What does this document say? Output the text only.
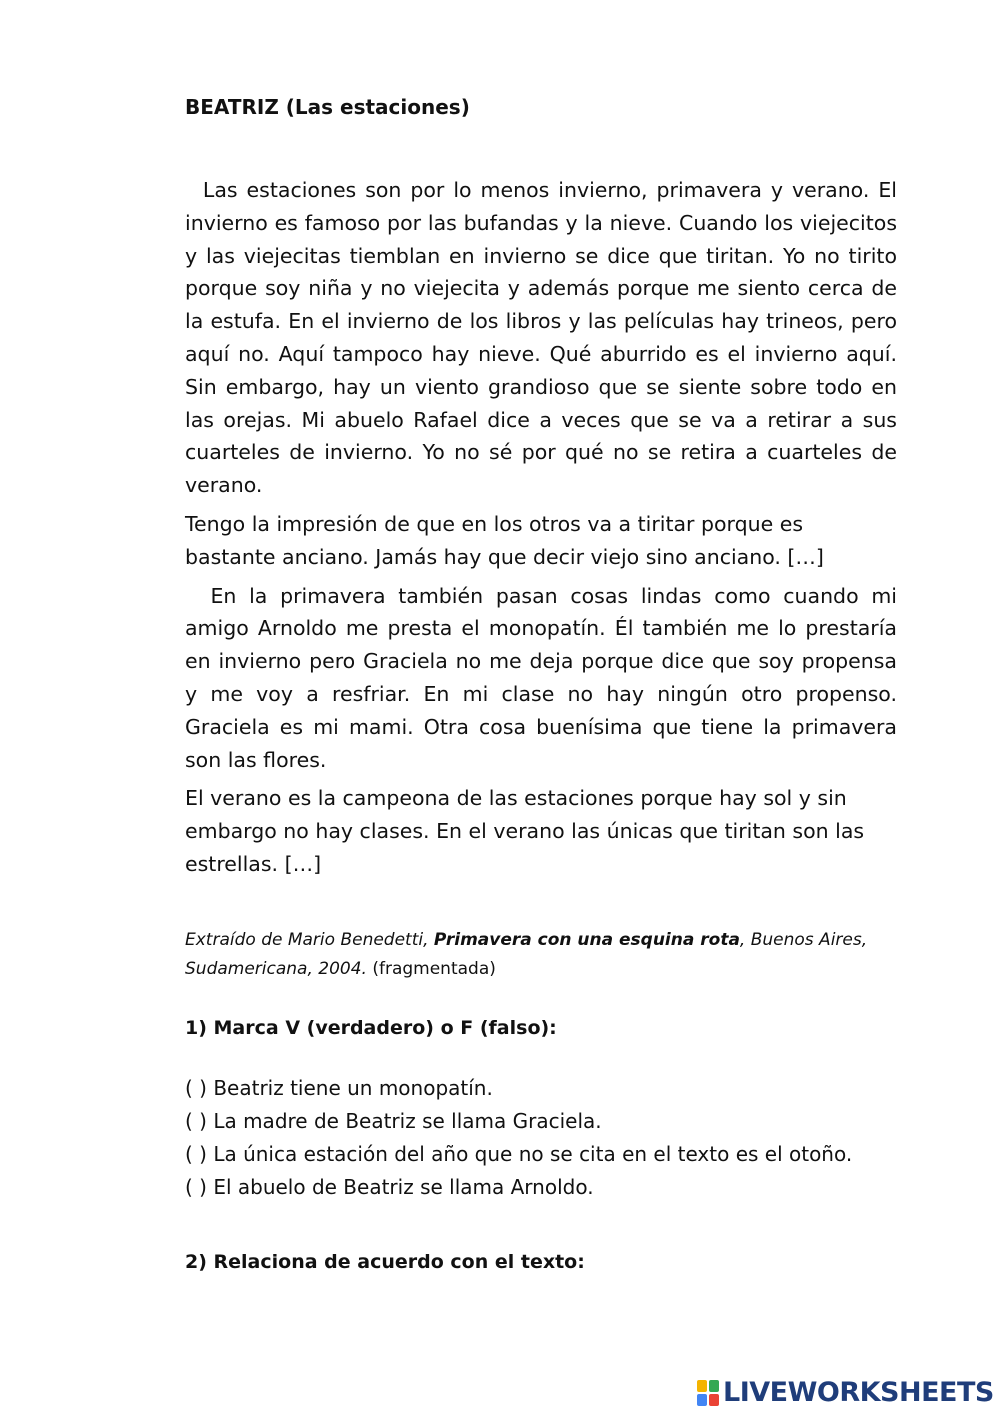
BEATRIZ (Las estaciones)

Las estaciones son por lo menos invierno, primavera y verano. El invierno es famoso por las bufandas y la nieve. Cuando los viejecitos y las viejecitas tiemblan en invierno se dice que tiritan. Yo no tirito porque soy niña y no viejecita y además porque me siento cerca de la estufa. En el invierno de los libros y las películas hay trineos, pero aquí no. Aquí tampoco hay nieve. Qué aburrido es el invierno aquí. Sin embargo, hay un viento grandioso que se siente sobre todo en las orejas. Mi abuelo Rafael dice a veces que se va a retirar a sus cuarteles de invierno. Yo no sé por qué no se retira a cuarteles de verano.

Tengo la impresión de que en los otros va a tiritar porque es bastante anciano. Jamás hay que decir viejo sino anciano. […]

En la primavera también pasan cosas lindas como cuando mi amigo Arnoldo me presta el monopatín. Él también me lo prestaría en invierno pero Graciela no me deja porque dice que soy propensa y me voy a resfriar. En mi clase no hay ningún otro propenso. Graciela es mi mami. Otra cosa buenísima que tiene la primavera son las flores.

El verano es la campeona de las estaciones porque hay sol y sin embargo no hay clases. En el verano las únicas que tiritan son las estrellas. […]

Extraído de Mario Benedetti, Primavera con una esquina rota, Buenos Aires, Sudamericana, 2004. (fragmentada)
1) Marca V (verdadero) o F (falso):
( ) Beatriz tiene un monopatín.
( ) La madre de Beatriz se llama Graciela.
( ) La única estación del año que no se cita en el texto es el otoño.
( ) El abuelo de Beatriz se llama Arnoldo.
2) Relaciona de acuerdo con el texto:
LIVEWORKSHEETS
